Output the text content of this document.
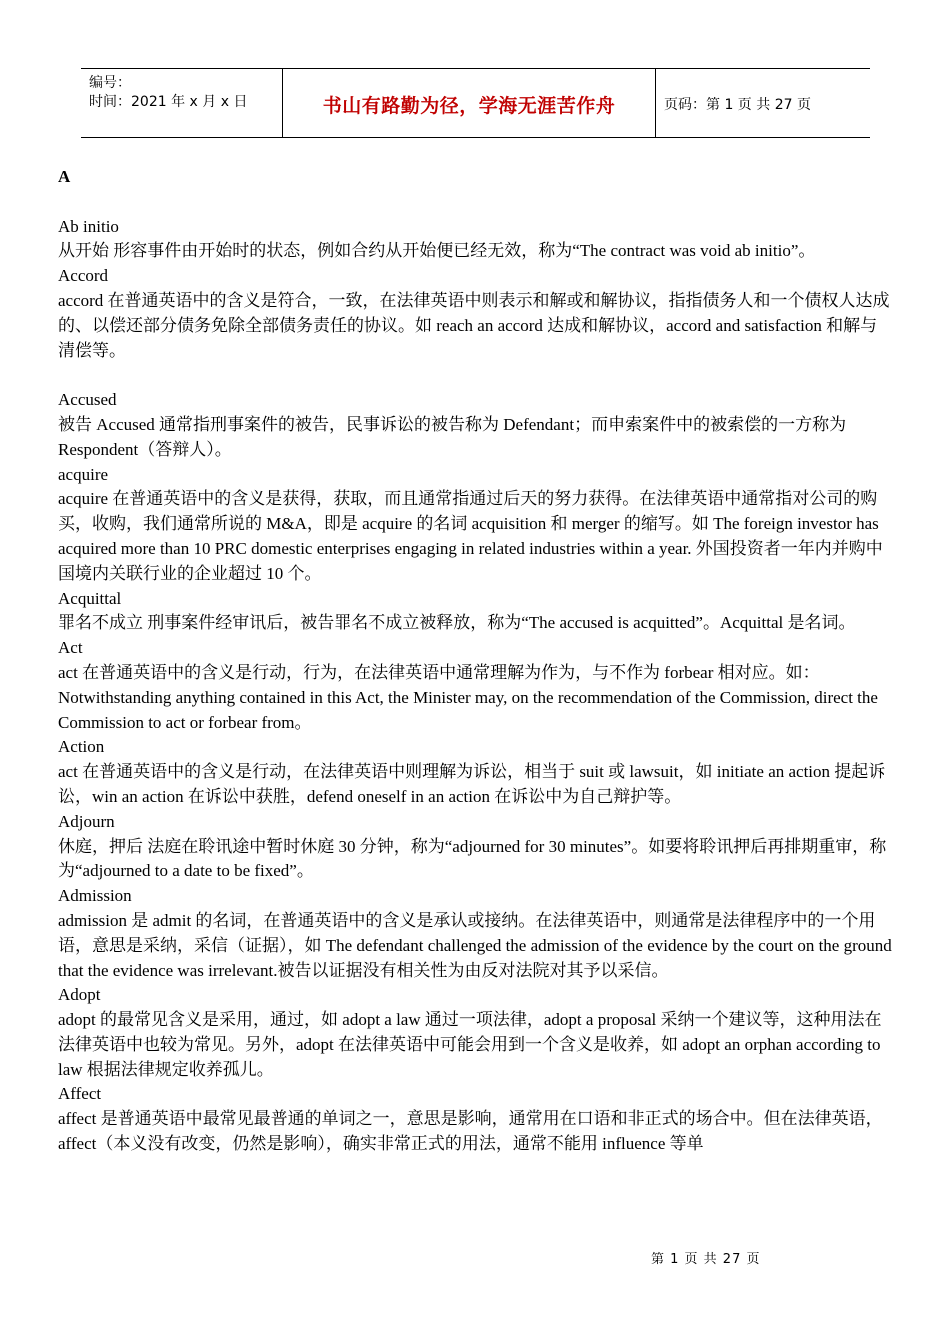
编号：
时间：2021 年 x 月 x 日	书山有路勤为径，学海无涯苦作舟	页码：第 1 页 共 27 页
A
Ab initio
从开始 形容事件由开始时的状态，例如合约从开始便已经无效，称为“The contract was void ab initio”。
Accord
accord 在普通英语中的含义是符合，一致，在法律英语中则表示和解或和解协议，指指债务人和一个债权人达成的、以偿还部分债务免除全部债务责任的协议。如 reach an accord 达成和解协议，accord and satisfaction 和解与清偿等。
Accused
被告 Accused 通常指刑事案件的被告，民事诉讼的被告称为 Defendant；而申索案件中的被索偿的一方称为 Respondent（答辩人）。
acquire
acquire 在普通英语中的含义是获得，获取，而且通常指通过后天的努力获得。在法律英语中通常指对公司的购买，收购，我们通常所说的 M&A，即是 acquire 的名词 acquisition 和 merger 的缩写。如 The foreign investor has acquired more than 10 PRC domestic enterprises engaging in related industries within a year. 外国投资者一年内并购中国境内关联行业的企业超过 10 个。
Acquittal
罪名不成立 刑事案件经审讯后，被告罪名不成立被释放，称为“The accused is acquitted”。Acquittal 是名词。
Act
act 在普通英语中的含义是行动，行为，在法律英语中通常理解为作为，与不作为 forbear 相对应。如：Notwithstanding anything contained in this Act, the Minister may, on the recommendation of the Commission, direct the Commission to act or forbear from。
Action
act 在普通英语中的含义是行动，在法律英语中则理解为诉讼，相当于 suit 或 lawsuit，如 initiate an action 提起诉讼，win an action 在诉讼中获胜，defend oneself in an action 在诉讼中为自己辩护等。
Adjourn
休庭，押后 法庭在聆讯途中暂时休庭 30 分钟，称为“adjourned for 30 minutes”。如要将聆讯押后再排期重审，称为“adjourned to a date to be fixed”。
Admission
admission 是 admit 的名词，在普通英语中的含义是承认或接纳。在法律英语中，则通常是法律程序中的一个用语，意思是采纳，采信（证据），如 The defendant challenged the admission of the evidence by the court on the ground that the evidence was irrelevant.被告以证据没有相关性为由反对法院对其予以采信。
Adopt
adopt 的最常见含义是采用，通过，如 adopt a law 通过一项法律，adopt a proposal 采纳一个建议等，这种用法在法律英语中也较为常见。另外，adopt 在法律英语中可能会用到一个含义是收养，如 adopt an orphan according to law 根据法律规定收养孤儿。
Affect
affect 是普通英语中最常见最普通的单词之一，意思是影响，通常用在口语和非正式的场合中。但在法律英语，affect（本义没有改变，仍然是影响），确实非常正式的用法，通常不能用 influence 等单
第 1 页 共 27 页
